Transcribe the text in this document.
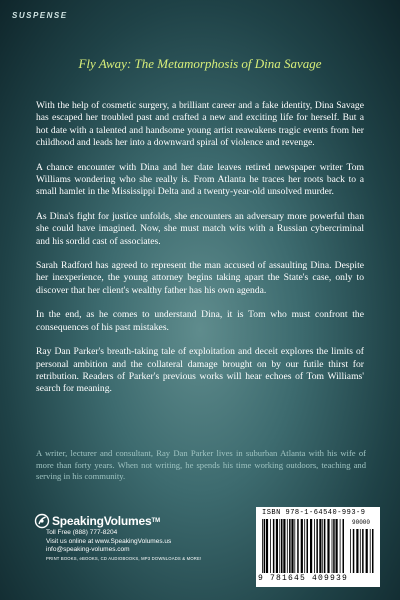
SUSPENSE
Fly Away: The Metamorphosis of Dina Savage

With the help of cosmetic surgery, a brilliant career and a fake identity, Dina Savage has escaped her troubled past and crafted a new and exciting life for herself. But a hot date with a talented and handsome young artist reawakens tragic events from her childhood and leads her into a downward spiral of violence and revenge.

A chance encounter with Dina and her date leaves retired newspaper writer Tom Williams wondering who she really is. From Atlanta he traces her roots back to a small hamlet in the Mississippi Delta and a twenty-year-old unsolved murder.

As Dina's fight for justice unfolds, she encounters an adversary more powerful than she could have imagined. Now, she must match wits with a Russian cybercriminal and his sordid cast of associates.

Sarah Radford has agreed to represent the man accused of assaulting Dina. Despite her inexperience, the young attorney begins taking apart the State's case, only to discover that her client's wealthy father has his own agenda.

In the end, as he comes to understand Dina, it is Tom who must confront the consequences of his past mistakes.

Ray Dan Parker's breath-taking tale of exploitation and deceit explores the limits of personal ambition and the collateral damage brought on by our futile thirst for retribution. Readers of Parker's previous works will hear echoes of Tom Williams' search for meaning.

A writer, lecturer and consultant, Ray Dan Parker lives in suburban Atlanta with his wife of more than forty years. When not writing, he spends his time working outdoors, teaching and serving in his community.
SpeakingVolumes TM
Toll Free (888) 777-8204
Visit us online at www.SpeakingVolumes.us
info@speaking-volumes.com
PRINT BOOKS, eBOOKS, CD AUDIOBOOKS, MP3 DOWNLOADS & MORE!
ISBN 978-1-64540-993-9
90000
9 781645 409939
